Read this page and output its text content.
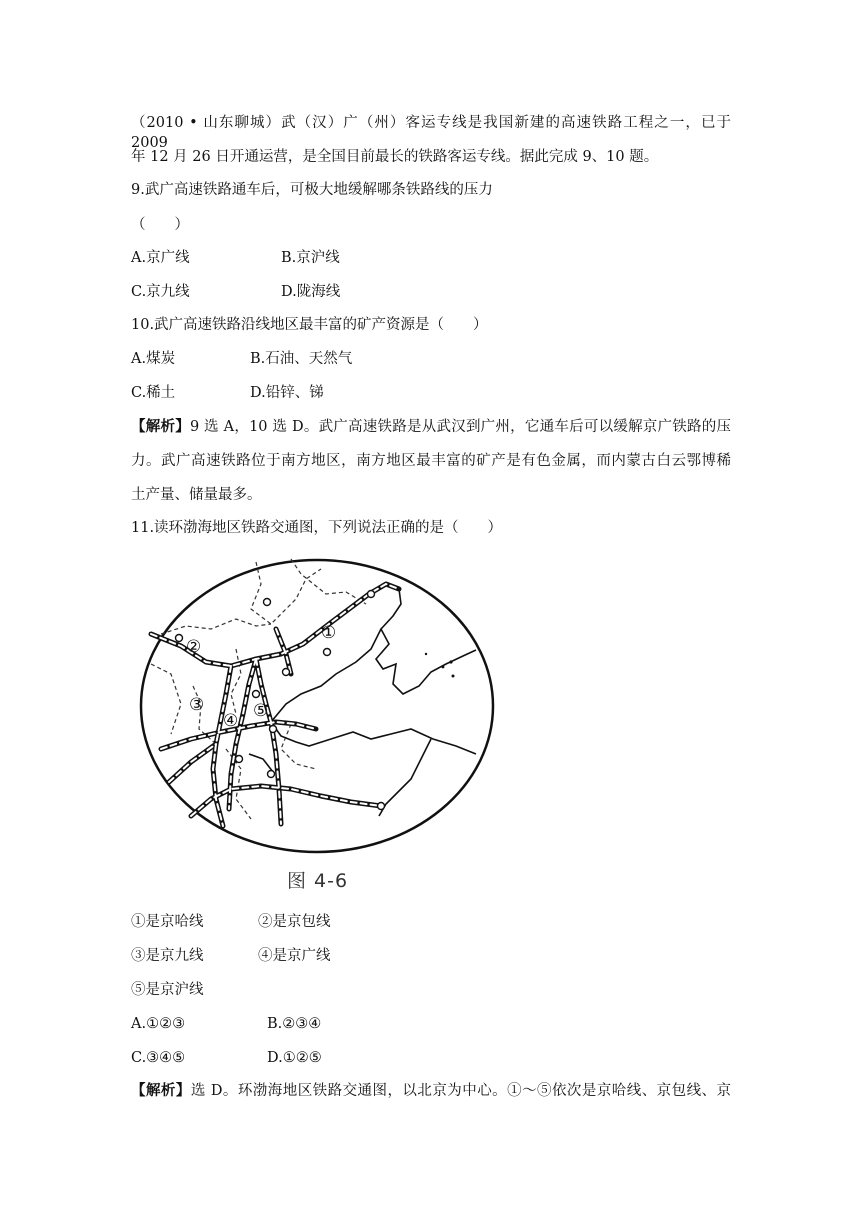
（2010 • 山东聊城）武（汉）广（州）客运专线是我国新建的高速铁路工程之一，已于 2009
年 12 月 26 日开通运营，是全国目前最长的铁路客运专线。据此完成 9、10 题。
9.武广高速铁路通车后，可极大地缓解哪条铁路线的压力
（　　）
A.京广线	B.京沪线
C.京九线	D.陇海线
10.武广高速铁路沿线地区最丰富的矿产资源是（　　）
A.煤炭	B.石油、天然气
C.稀土	D.铅锌、锑
【解析】9 选 A，10 选 D。武广高速铁路是从武汉到广州，它通车后可以缓解京广铁路的压
力。武广高速铁路位于南方地区，南方地区最丰富的矿产是有色金属，而内蒙古白云鄂博稀
土产量、储量最多。
11.读环渤海地区铁路交通图，下列说法正确的是（　　）
①
②
③
④ ⑤
图 4-6
①是京哈线	②是京包线
③是京九线	④是京广线
⑤是京沪线
A.①②③	B.②③④
C.③④⑤	D.①②⑤
【解析】选 D。环渤海地区铁路交通图，以北京为中心。①～⑤依次是京哈线、京包线、京
